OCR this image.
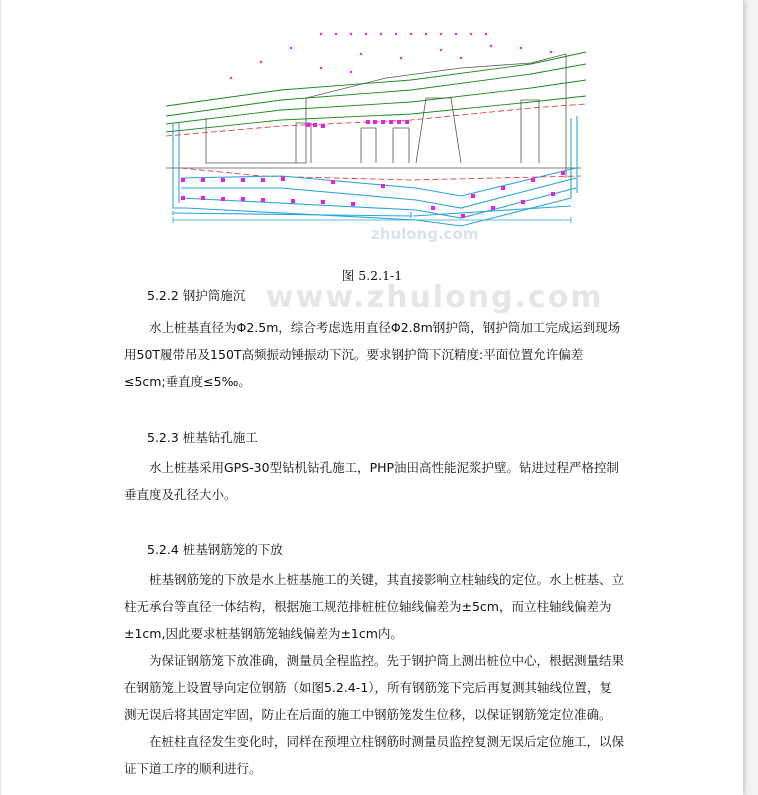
zhulong.com
www.zhulong.com
图 5.2.1-1
5.2.2 钢护筒施沉

水上桩基直径为Φ2.5m，综合考虑选用直径Φ2.8m钢护筒，钢护筒加工完成运到现场用50T履带吊及150T高频振动锤振动下沉。要求钢护筒下沉精度:平面位置允许偏差≤5cm;垂直度≤5‰。

5.2.3 桩基钻孔施工

水上桩基采用GPS-30型钻机钻孔施工，PHP油田高性能泥浆护壁。钻进过程严格控制垂直度及孔径大小。

5.2.4 桩基钢筋笼的下放

桩基钢筋笼的下放是水上桩基施工的关键，其直接影响立柱轴线的定位。水上桩基、立柱无承台等直径一体结构，根据施工规范排桩桩位轴线偏差为±5cm，而立柱轴线偏差为±1cm,因此要求桩基钢筋笼轴线偏差为±1cm内。

为保证钢筋笼下放准确，测量员全程监控。先于钢护筒上测出桩位中心，根据测量结果在钢筋笼上设置导向定位钢筋（如图5.2.4-1），所有钢筋笼下完后再复测其轴线位置，复测无误后将其固定牢固，防止在后面的施工中钢筋笼发生位移，以保证钢筋笼定位准确。

在桩柱直径发生变化时，同样在预埋立柱钢筋时测量员监控复测无误后定位施工，以保证下道工序的顺利进行。
